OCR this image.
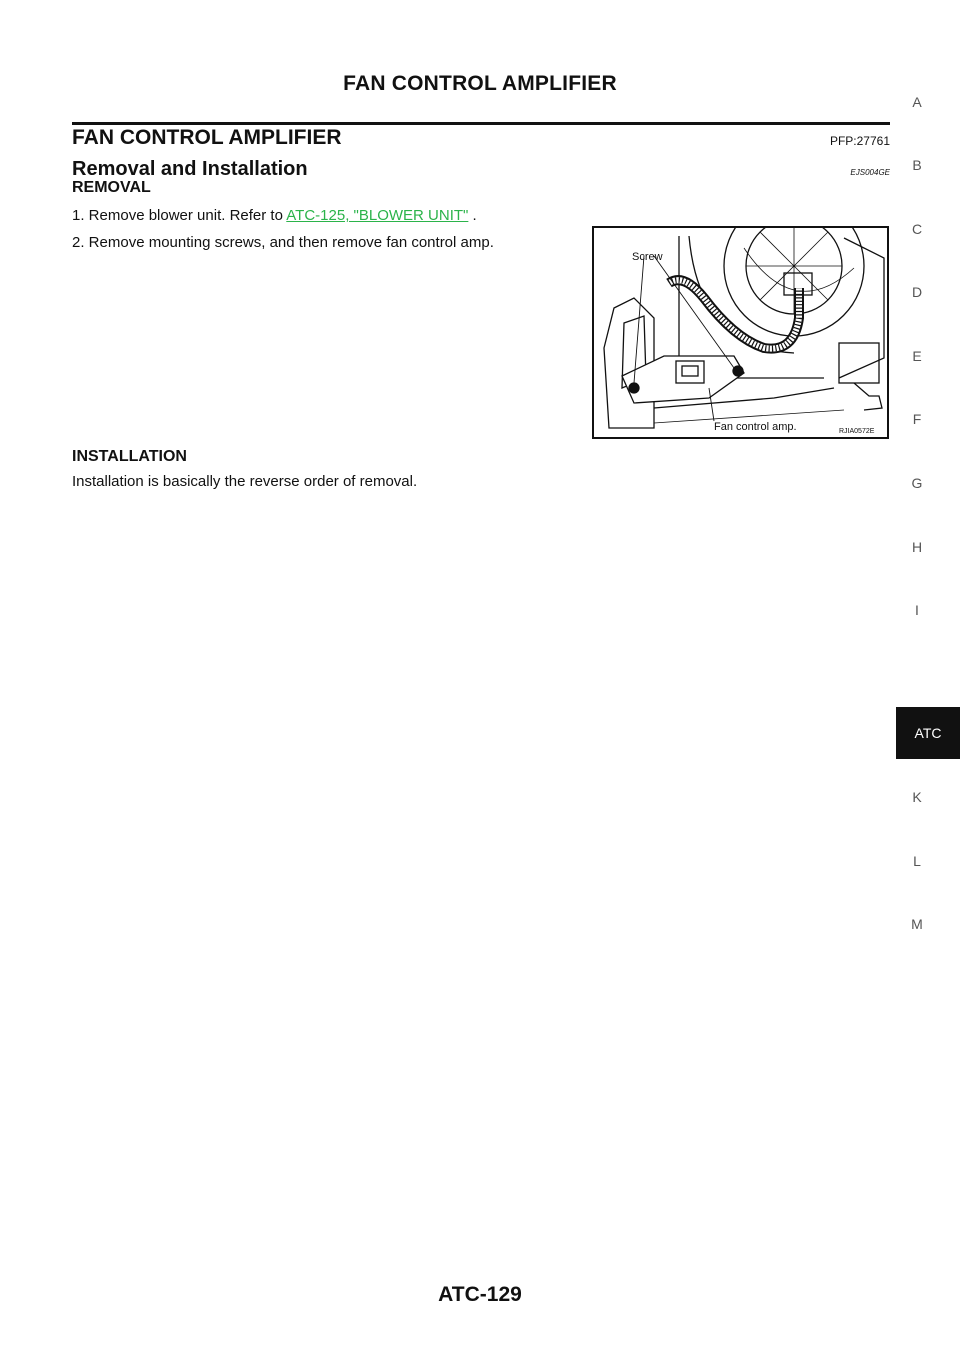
FAN CONTROL AMPLIFIER
FAN CONTROL AMPLIFIER	PFP:27761
Removal and Installation	EJS004GE
REMOVAL
1. Remove blower unit. Refer to ATC-125, "BLOWER UNIT" .
2. Remove mounting screws, and then remove fan control amp.
Screw
Fan control amp.	RJIA0572E
INSTALLATION
Installation is basically the reverse order of removal.
ATC-129
A
B
C
D
E
F
G
H
I
ATC
K
L
M
